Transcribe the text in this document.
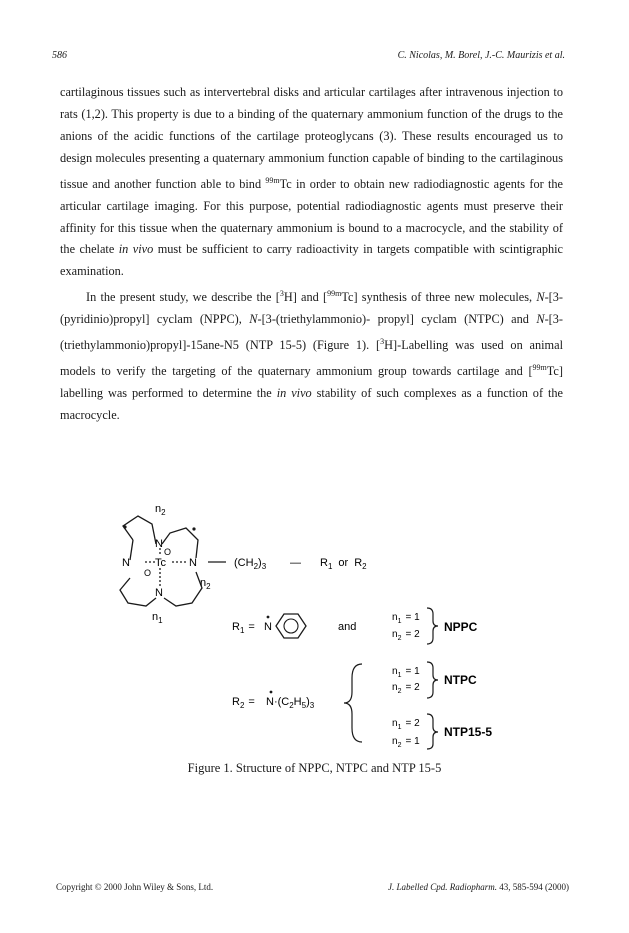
586	C. Nicolas, M. Borel, J.-C. Maurizis et al.

cartilaginous tissues such as intervertebral disks and articular cartilages after intravenous injection to rats (1,2). This property is due to a binding of the quaternary ammonium function of the drugs to the anions of the acidic functions of the cartilage proteoglycans (3). These results encouraged us to design molecules presenting a quaternary ammonium function capable of binding to the cartilaginous tissue and another function able to bind $^{99m}$Tc in order to obtain new radiodiagnostic agents for the articular cartilage imaging. For this purpose, potential radiodiagnostic agents must preserve their affinity for this tissue when the quaternary ammonium is bound to a macrocycle, and the stability of the chelate in vivo must be sufficient to carry radioactivity in targets compatible with scintigraphic examination.

In the present study, we describe the [$^3$H] and [$^{99m}$Tc] synthesis of three new molecules, N-[3-(pyridinio)propyl] cyclam (NPPC), N-[3-(triethylammonio)- propyl] cyclam (NTPC) and N-[3-(triethylammonio)propyl]-15ane-N5 (NTP 15-5) (Figure 1). [$^3$H]-Labelling was used on animal models to verify the targeting of the quaternary ammonium group towards cartilage and [$^{99m}$Tc] labelling was performed to determine the in vivo stability of such complexes as a function of the macrocycle.

$n_2$
N
N Tc N
N
O
O
$n_2$
$n_1$
$(CH_2)_3$ — $R_1$ or $R_2$
$R_1 = N$	and
$n_1 = 1$
$n_2 = 2$
NPPC
$R_2 = N\cdot(C_2H_5)_3$
$n_1 = 1$
$n_2 = 2$
NTPC
$n_1 = 2$
$n_2 = 1$
NTP15-5
Figure 1. Structure of NPPC, NTPC and NTP 15-5
Copyright © 2000 John Wiley & Sons, Ltd.	J. Labelled Cpd. Radiopharm. 43, 585-594 (2000)
